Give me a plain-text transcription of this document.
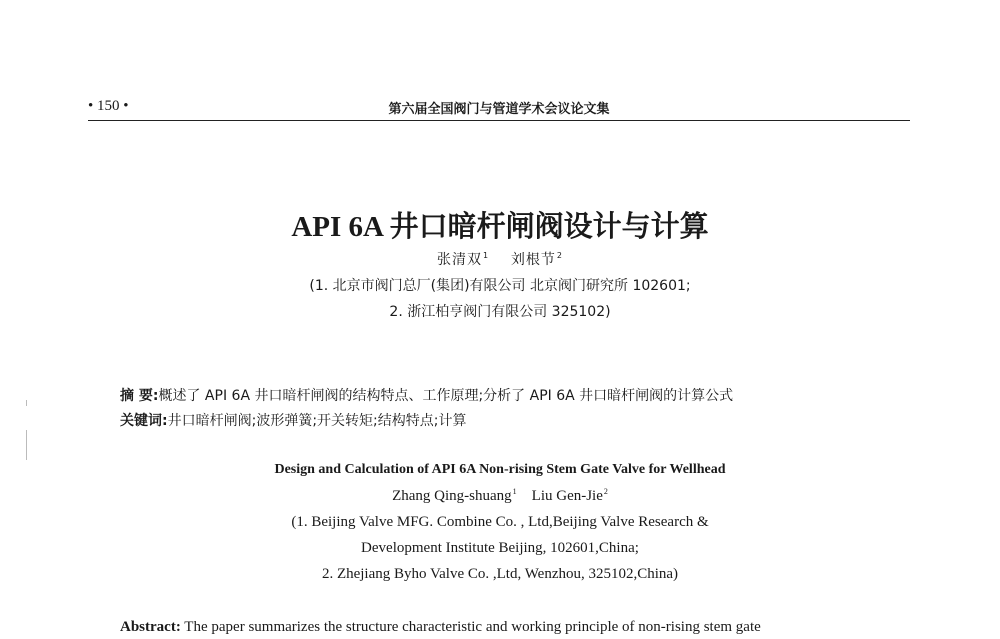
• 150 •	第六届全国阀门与管道学术会议论文集
API 6A 井口暗杆闸阀设计与计算
张清双$^1$ 刘根节$^2$
(1. 北京市阀门总厂(集团)有限公司 北京阀门研究所 102601;
2. 浙江柏亨阀门有限公司 325102)
摘 要:概述了 API 6A 井口暗杆闸阀的结构特点、工作原理;分析了 API 6A 井口暗杆闸阀的计算公式
关键词:井口暗杆闸阀;波形弹簧;开关转矩;结构特点;计算
Design and Calculation of API 6A Non-rising Stem Gate Valve for Wellhead
Zhang Qing-shuang$^1$ Liu Gen-Jie$^2$
(1. Beijing Valve MFG. Combine Co. , Ltd,Beijing Valve Research &
Development Institute Beijing, 102601,China;
2. Zhejiang Byho Valve Co. ,Ltd, Wenzhou, 325102,China)
Abstract: The paper summarizes the structure characteristic and working principle of non-rising stem gate
